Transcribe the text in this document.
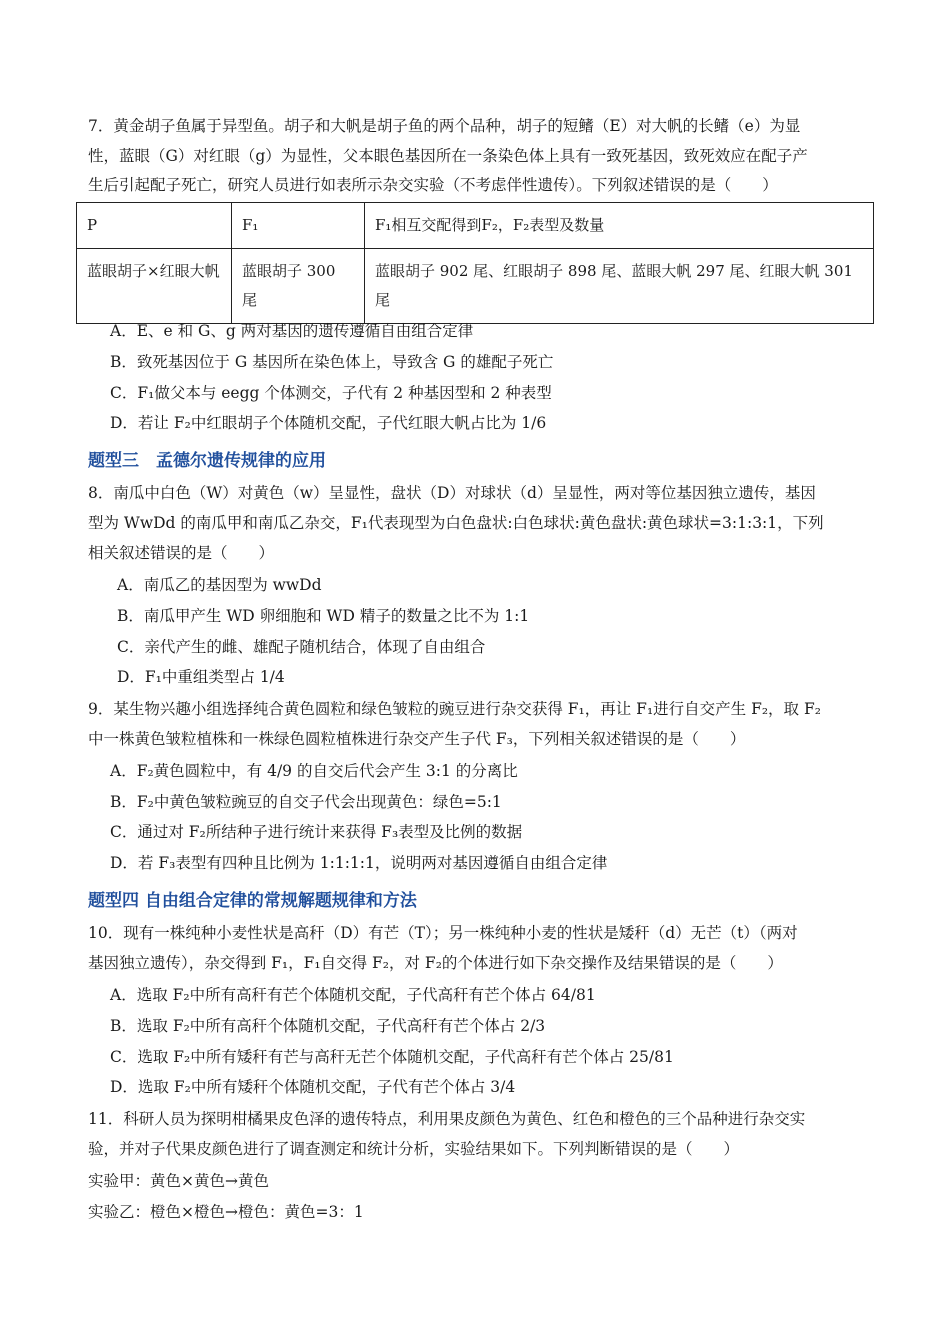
7．黄金胡子鱼属于异型鱼。胡子和大帆是胡子鱼的两个品种，胡子的短鳍（E）对大帆的长鳍（e）为显
性，蓝眼（G）对红眼（g）为显性，父本眼色基因所在一条染色体上具有一致死基因，致死效应在配子产
生后引起配子死亡，研究人员进行如表所示杂交实验（不考虑伴性遗传）。下列叙述错误的是（　　）
P	F₁	F₁相互交配得到F₂，F₂表型及数量
蓝眼胡子×红眼大帆	蓝眼胡子 300 尾	蓝眼胡子 902 尾、红眼胡子 898 尾、蓝眼大帆 297 尾、红眼大帆 301 尾
A．E、e 和 G、g 两对基因的遗传遵循自由组合定律
B．致死基因位于 G 基因所在染色体上，导致含 G 的雄配子死亡
C．F₁做父本与 eegg 个体测交，子代有 2 种基因型和 2 种表型
D．若让 F₂中红眼胡子个体随机交配，子代红眼大帆占比为 1/6
题型三　孟德尔遗传规律的应用
8．南瓜中白色（W）对黄色（w）呈显性，盘状（D）对球状（d）呈显性，两对等位基因独立遗传，基因
型为 WwDd 的南瓜甲和南瓜乙杂交，F₁代表现型为白色盘状:白色球状:黄色盘状:黄色球状=3:1:3:1，下列
相关叙述错误的是（　　）
A．南瓜乙的基因型为 wwDd
B．南瓜甲产生 WD 卵细胞和 WD 精子的数量之比不为 1:1
C．亲代产生的雌、雄配子随机结合，体现了自由组合
D．F₁中重组类型占 1/4
9．某生物兴趣小组选择纯合黄色圆粒和绿色皱粒的豌豆进行杂交获得 F₁，再让 F₁进行自交产生 F₂，取 F₂
中一株黄色皱粒植株和一株绿色圆粒植株进行杂交产生子代 F₃，下列相关叙述错误的是（　　）
A．F₂黄色圆粒中，有 4/9 的自交后代会产生 3:1 的分离比
B．F₂中黄色皱粒豌豆的自交子代会出现黄色：绿色=5:1
C．通过对 F₂所结种子进行统计来获得 F₃表型及比例的数据
D．若 F₃表型有四种且比例为 1:1:1:1，说明两对基因遵循自由组合定律
题型四 自由组合定律的常规解题规律和方法
10．现有一株纯种小麦性状是高秆（D）有芒（T）；另一株纯种小麦的性状是矮秆（d）无芒（t）（两对
基因独立遗传），杂交得到 F₁，F₁自交得 F₂，对 F₂的个体进行如下杂交操作及结果错误的是（　　）
A．选取 F₂中所有高秆有芒个体随机交配，子代高秆有芒个体占 64/81
B．选取 F₂中所有高秆个体随机交配，子代高秆有芒个体占 2/3
C．选取 F₂中所有矮秆有芒与高秆无芒个体随机交配，子代高秆有芒个体占 25/81
D．选取 F₂中所有矮秆个体随机交配，子代有芒个体占 3/4
11．科研人员为探明柑橘果皮色泽的遗传特点，利用果皮颜色为黄色、红色和橙色的三个品种进行杂交实
验，并对子代果皮颜色进行了调查测定和统计分析，实验结果如下。下列判断错误的是（　　）
实验甲：黄色×黄色→黄色
实验乙：橙色×橙色→橙色：黄色=3：1
